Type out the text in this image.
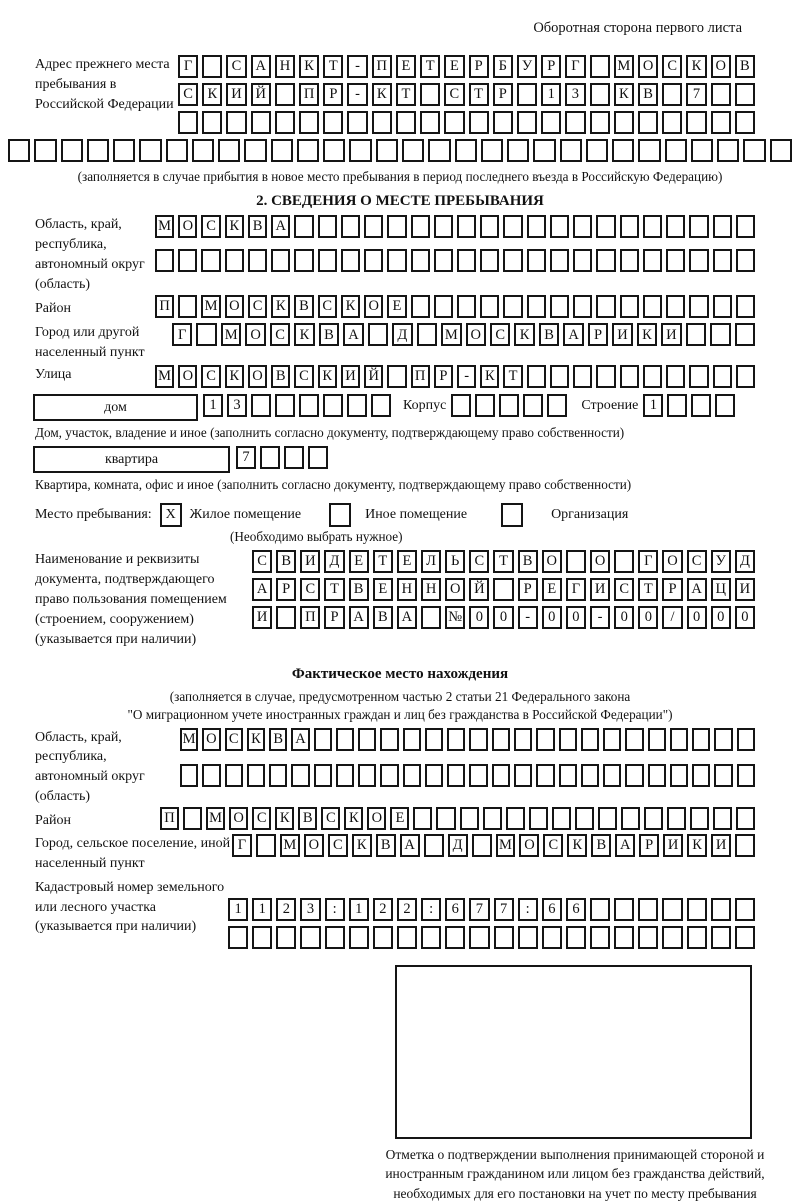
Оборотная сторона первого листа
Адрес прежнего места пребывания в Российской Федерации
Г	С А Н К	Т	-	П	Е	Т	Е	Р	Б	У	Р	Г	М О С	К О В
С	К И Й	П	Р	-	К	Т	С	Т	Р	1	3	К	В	7
(заполняется в случае прибытия в новое место пребывания в период последнего въезда в Российскую Федерацию)
2. СВЕДЕНИЯ О МЕСТЕ ПРЕБЫВАНИЯ
Область, край, республика, автономный округ (область)
М О С К В А
Район	П	М О С К В С К О Е
Город или другой населенный пункт
Г	М О С	К	В А	Д	М О С	К	В А	Р	И К И
Улица	М О С К О В С К И Й	П Р	-	К Т
дом	1	3	Корпус	Строение 1
Дом, участок, владение и иное (заполнить согласно документу, подтверждающему право собственности)
квартира	7
Квартира, комната, офис и иное (заполнить согласно документу, подтверждающему право собственности)
Место пребывания: X Жилое помещение	Иное помещение	Организация
(Необходимо выбрать нужное)
Наименование и реквизиты документа, подтверждающего право пользования помещением (строением, сооружением) (указывается при наличии)
С В И Д	Е	Т	Е	Л	Ь	С	Т	В О	О	Г	О С У Д
А	Р	С	Т	В	Е Н Н О Й	Р	Е	Г	И С	Т	Р	А Ц И
И	П	Р	А В А	№ 0	0	-	0	0	-	0	0	/	0	0	0
Фактическое место нахождения
(заполняется в случае, предусмотренном частью 2 статьи 21 Федерального закона
"О миграционном учете иностранных граждан и лиц без гражданства в Российской Федерации")
Область, край, республика, автономный округ (область)
М О С К В А
Район	П М О С К В С К О Е
Город, сельское поселение, иной населенный пункт
Г	М О С К В А	Д	М О С К В А	Р	И К И
Кадастровый номер земельного или лесного участка (указывается при наличии)
1	1	2	3	:	1	2	2	:	6	7	7	:	6	6
Отметка о подтверждении выполнения принимающей стороной и иностранным гражданином или лицом без гражданства действий, необходимых для его постановки на учет по месту пребывания
